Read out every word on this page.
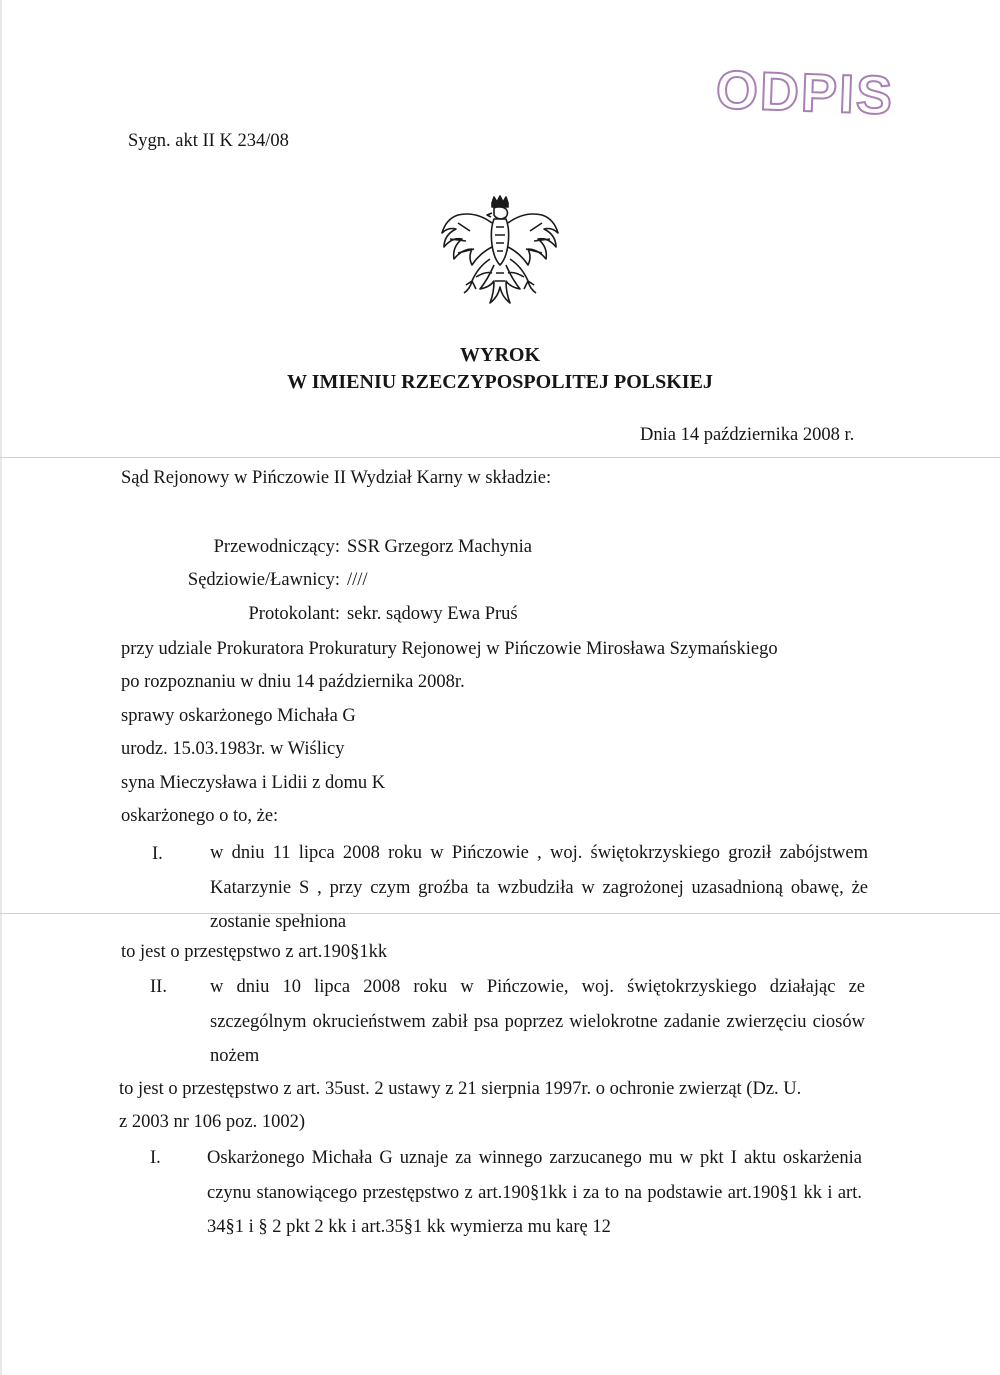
ODPIS
Sygn. akt II K 234/08
WYROK
W IMIENIU RZECZYPOSPOLITEJ POLSKIEJ
Dnia 14 października 2008 r.
Sąd Rejonowy w Pińczowie II Wydział Karny w składzie:
Przewodniczący: SSR Grzegorz Machynia
Sędziowie/Ławnicy: ////
Protokolant: sekr. sądowy Ewa Pruś
przy udziale Prokuratora Prokuratury Rejonowej w Pińczowie Mirosława Szymańskiego
po rozpoznaniu w dniu 14 października 2008r.
sprawy oskarżonego Michała G
urodz. 15.03.1983r. w Wiślicy
syna Mieczysława i Lidii z domu K
oskarżonego o to, że:
I.	w dniu 11 lipca 2008 roku w Pińczowie , woj. świętokrzyskiego groził zabójstwem Katarzynie S , przy czym groźba ta wzbudziła w zagrożonej uzasadnioną obawę, że zostanie spełniona
to jest o przestępstwo z art.190§1kk
II. w dniu 10 lipca 2008 roku w Pińczowie, woj. świętokrzyskiego działając ze szczególnym okrucieństwem zabił psa poprzez wielokrotne zadanie zwierzęciu ciosów nożem
to jest o przestępstwo z art. 35ust. 2 ustawy z 21 sierpnia 1997r. o ochronie zwierząt (Dz. U.
z 2003 nr 106 poz. 1002)
I. Oskarżonego Michała G uznaje za winnego zarzucanego mu w pkt I aktu oskarżenia czynu stanowiącego przestępstwo z art.190§1kk i za to na podstawie art.190§1 kk i art. 34§1 i § 2 pkt 2 kk i art.35§1 kk wymierza mu karę 12
